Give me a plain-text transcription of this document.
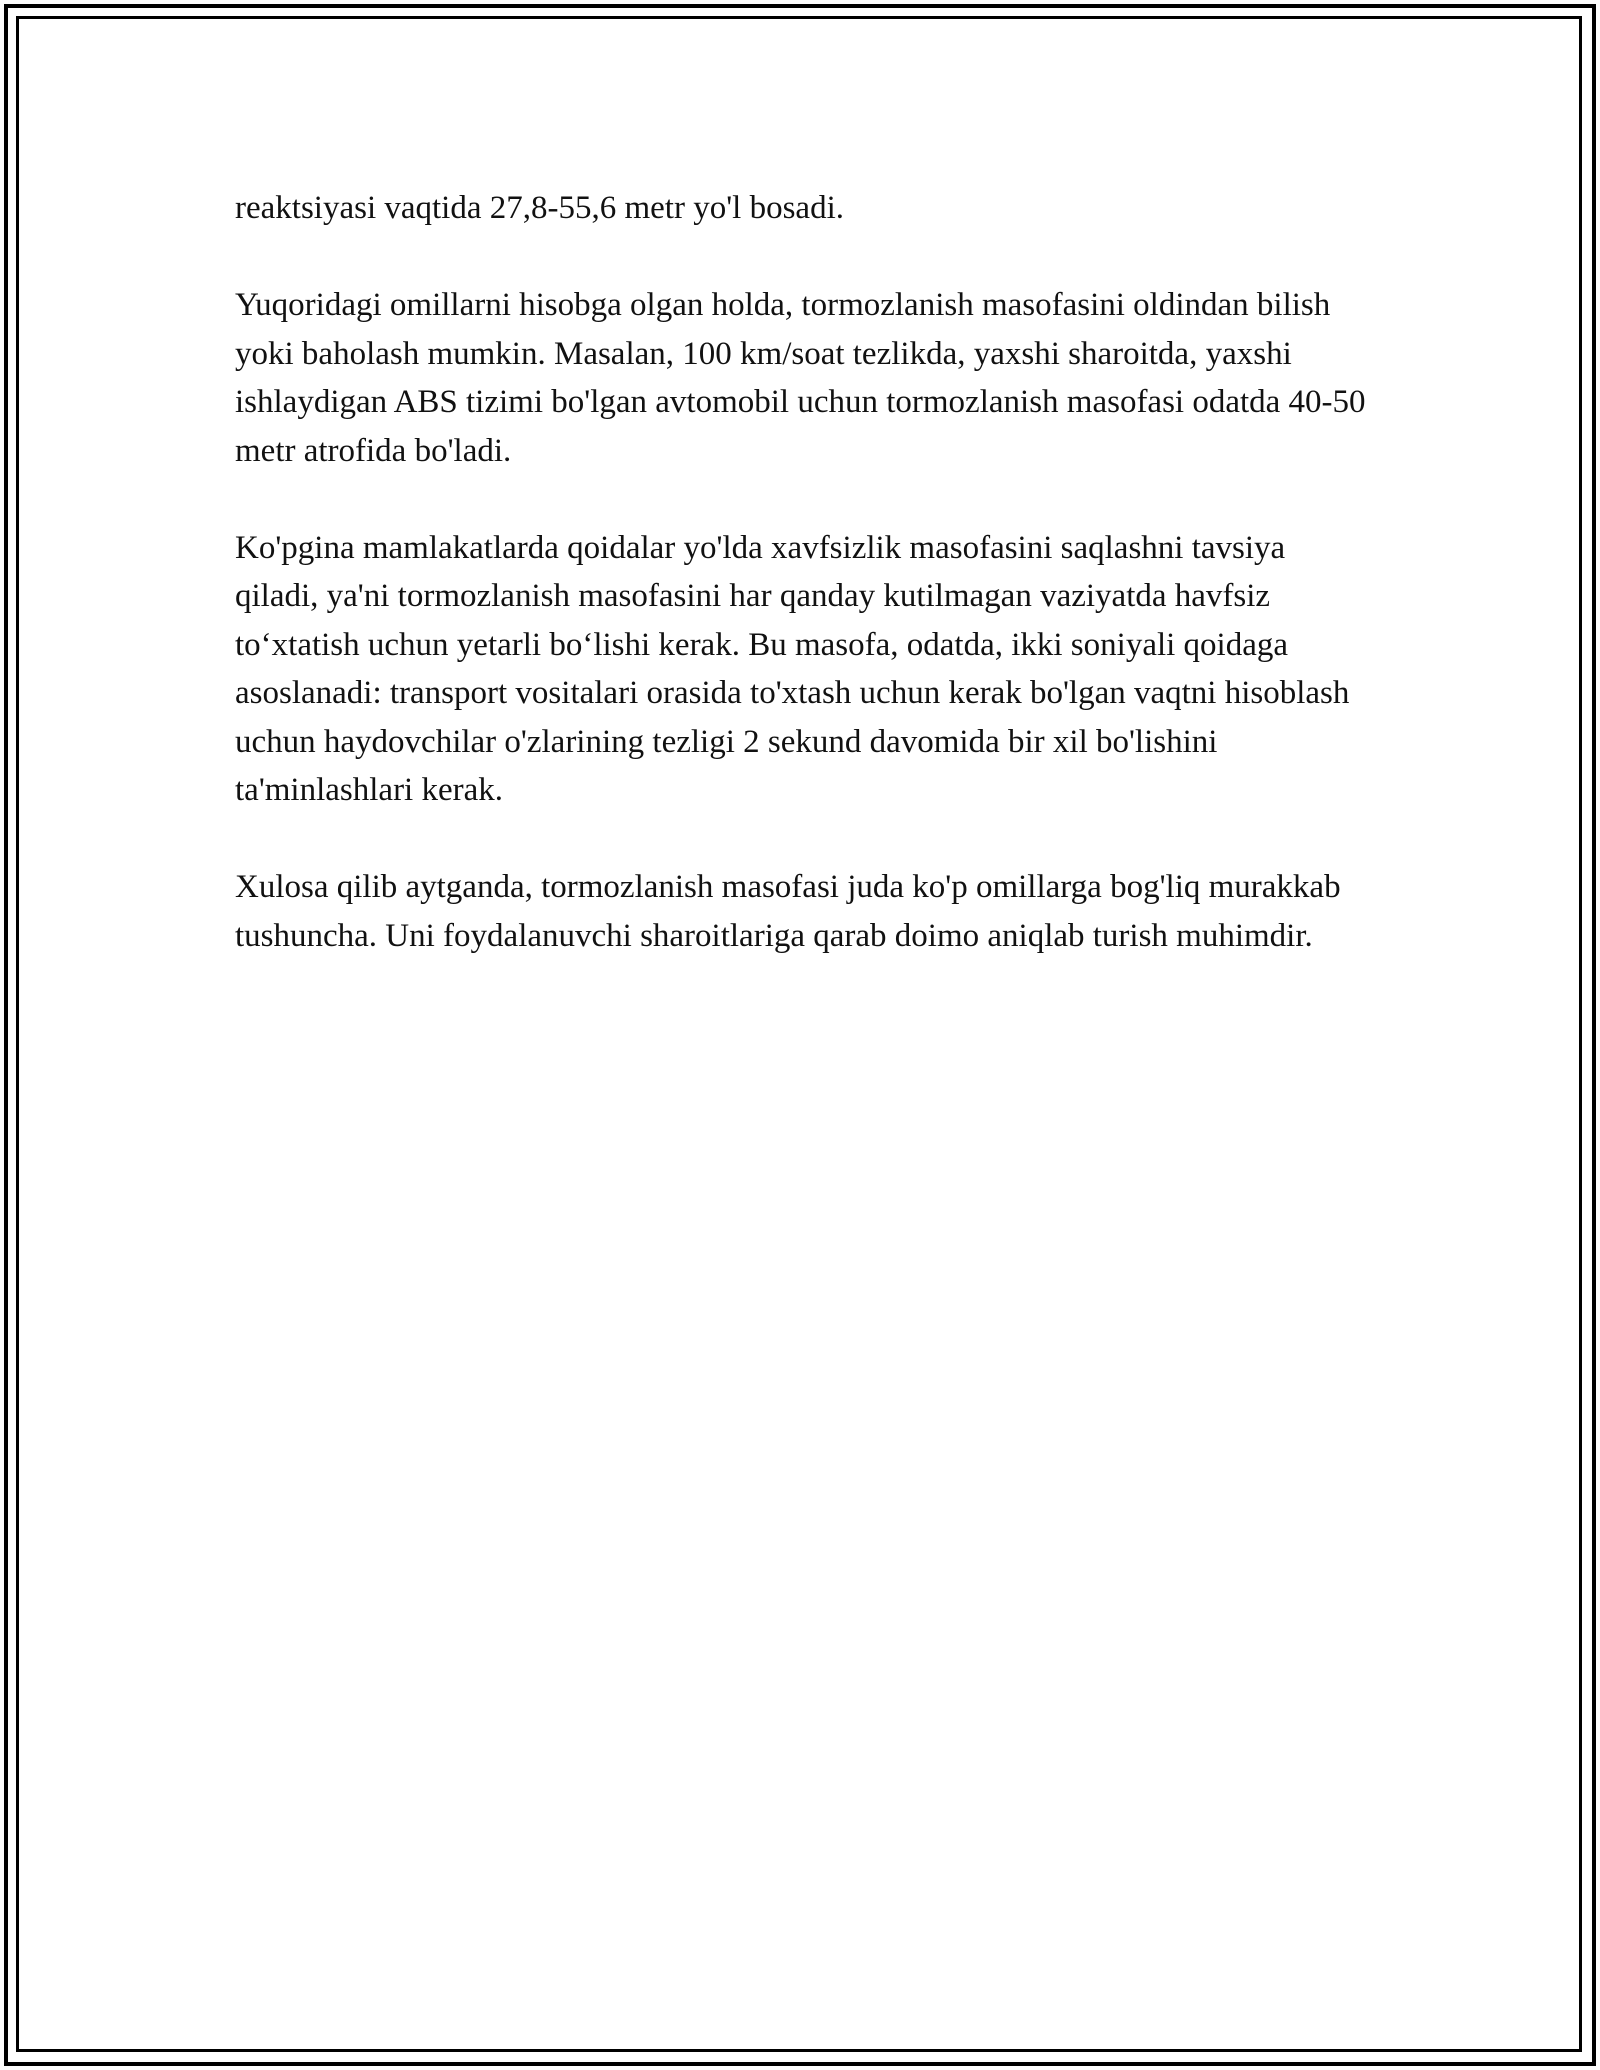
reaktsiyasi vaqtida 27,8-55,6 metr yo'l bosadi.

Yuqoridagi omillarni hisobga olgan holda, tormozlanish masofasini oldindan bilish yoki baholash mumkin. Masalan, 100 km/soat tezlikda, yaxshi sharoitda, yaxshi ishlaydigan ABS tizimi bo'lgan avtomobil uchun tormozlanish masofasi odatda 40-50 metr atrofida bo'ladi.

Ko'pgina mamlakatlarda qoidalar yo'lda xavfsizlik masofasini saqlashni tavsiya qiladi, ya'ni tormozlanish masofasini har qanday kutilmagan vaziyatda havfsiz to‘xtatish uchun yetarli bo‘lishi kerak. Bu masofa, odatda, ikki soniyali qoidaga asoslanadi: transport vositalari orasida to'xtash uchun kerak bo'lgan vaqtni hisoblash uchun haydovchilar o'zlarining tezligi 2 sekund davomida bir xil bo'lishini ta'minlashlari kerak.

Xulosa qilib aytganda, tormozlanish masofasi juda ko'p omillarga bog'liq murakkab tushuncha. Uni foydalanuvchi sharoitlariga qarab doimo aniqlab turish muhimdir.
